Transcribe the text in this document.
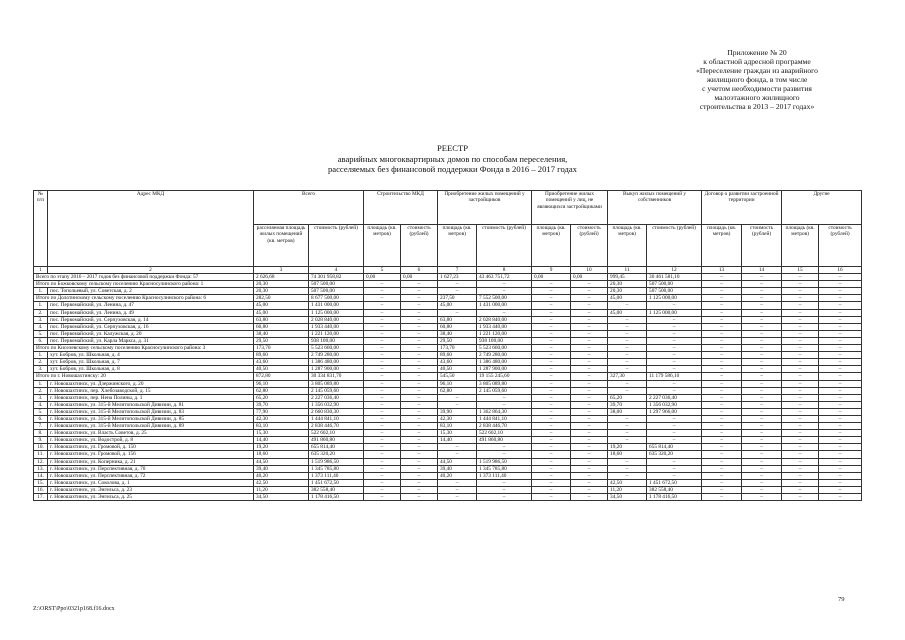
Приложение № 20
к областной адресной программе
«Переселение граждан из аварийного
жилищного фонда, в том числе
с учетом необходимости развития
малоэтажного жилищного
строительства в 2013 – 2017 годах»
РЕЕСТР
аварийных многоквартирных домов по способам переселения,
расселяемых без финансовой поддержки Фонда в 2016 – 2017 годах
№ п/п	Адрес МКД	Всего		Строительство МКД		Приобретение жилых помещений у застройщиков		Приобретение жилых помещений у лиц, не являющихся застройщиками		Выкуп жилых помещений у собственников		Договор о развитии застроенной территории		Другие	
		расселяемая площадь жилых помещений (кв. метров)	стоимость (рублей)	площадь (кв. метров)	стоимость (рублей)	площадь (кв. метров)	стоимость (рублей)	площадь (кв. метров)	стоимость (рублей)	площадь (кв. метров)	стоимость (рублей)	площадь (кв. метров)	стоимость (рублей)	площадь (кв. метров)	стоимость (рублей)
1	2	3	4	5	6	7	8	9	10	11	12	13	14	15	16
Всего по этапу 2016 – 2017 годов без финансовой поддержки Фонда: 57		2 626,68	74 301 958,82	0,00	0,00	1 627,23	43 463 751,72	0,00	0,00	999,45	30 461 581,10	–	–	–	–
Итого по Божковскому сельскому поселению Красносулинского района: 1		20,30	507 500,00	–	–	–	–	–	–	20,30	507 500,00	–	–	–	–
1.	пос. Топольевый, ул. Советская, д. 2	20,30	507 500,00	–	–	–	–	–	–	20,30	507 500,00	–	–	–	–
Итого по Долотинскому сельскому поселению Красносулинского района: 6		282,50	8 677 500,00	–	–	237,50	7 552 500,00	–	–	45,00	1 125 000,00	–	–	–	–
1.	пос. Первомайский, ул. Ленина, д. 47	45,00	1 431 000,00	–	–	45,00	1 431 000,00	–	–	–	–	–	–	–	–
2.	пос. Первомайский, ул. Ленина, д. 49	45,00	1 125 000,00	–	–	–	–	–	–	45,00	1 125 000,00	–	–	–	–
3.	пос. Первомайский, ул. Серпуховская, д. 14	63,80	2 028 840,00	–	–	63,80	2 028 840,00	–	–	–	–	–	–	–	–
4.	пос. Первомайский, ул. Серпуховская, д. 16	60,80	1 933 440,00	–	–	60,80	1 933 440,00	–	–	–	–	–	–	–	–
5.	пос. Первомайский, ул. Калужская, д. 20	38,40	1 221 120,00	–	–	38,40	1 221 120,00	–	–	–	–	–	–	–	–
6.	пос. Первомайский, ул. Карла Маркса, д. 31	29,50	938 100,00	–	–	29,50	938 100,00	–	–	–	–	–	–	–	–
Итого по Киселевскому сельскому поселению Красносулинского района: 3		173,70	5 523 660,00	–	–	173,70	5 523 660,00	–	–	–	–	–	–	–	–
1.	хут. Бобров, ул. Школьная, д. 4	89,60	2 749 280,00	–	–	89,60	2 749 280,00	–	–	–	–	–	–	–	–
2.	хут. Бобров, ул. Школьная, д. 7	43,60	1 386 480,00	–	–	43,60	1 386 480,00	–	–	–	–	–	–	–	–
3.	хут. Бобров, ул. Школьная, д. 8	40,50	1 287 900,00	–	–	40,50	1 287 900,00	–	–	–	–	–	–	–	–
Итого по г. Новошахтинску: 20		872,80	30 334 831,70	–	–	545,50	19 155 245,60	–	–	327,30	11 179 586,10	–	–	–	–
1.	г. Новошахтинск, ул. Дзержинского, д. 20	96,10	3 805 089,80	–	–	96,10	3 805 089,80	–	–	–	–	–	–	–	–
2.	г. Новошахтинск, пер. Хлебозаводской, д. 15	62,80	2 145 059,60	–	–	62,80	2 145 059,60	–	–	–	–	–	–	–	–
3.	г. Новошахтинск, пер. Heнa Полины, д. 1	65,20	2 227 036,40	–	–	–	–	–	–	65,20	2 227 036,40	–	–	–	–
4.	г. Новошахтинск, ул. 315-й Мелитопольской Дивизии, д. 81	39,70	1 356 032,90	–	–	–	–	–	–	39,70	1 356 032,90	–	–	–	–
5.	г. Новошахтинск, ул. 315-й Мелитопольской Дивизии, д. 83	77,90	2 660 830,30	–	–	39,90	1 362 864,30	–	–	38,00	1 297 966,00	–	–	–	–
6.	г. Новошахтинск, ул. 315-й Мелитопольской Дивизии, д. 85	42,30	1 444 841,10	–	–	42,30	1 444 841,10	–	–	–	–	–	–	–	–
7.	г. Новошахтинск, ул. 315-й Мелитопольской Дивизии, д. 89	83,10	2 838 446,70	–	–	83,10	2 838 446,70	–	–	–	–	–	–	–	–
8.	г. Новошахтинск, ул. Власть Советов, д. 25	15,30	522 602,10	–	–	15,30	522 602,10	–	–	–	–	–	–	–	–
9.	г. Новошахтинск, ул. Водострой, д. 8	14,40	491 860,80	–	–	14,40	491 860,80	–	–	–	–	–	–	–	–
10.	г. Новошахтинск, ул. Громовой, д. 150	19,20	655 814,40	–	–	–	–	–	–	19,20	655 814,40	–	–	–	–
11.	г. Новошахтинск, ул. Громовой, д. 156	18,60	635 320,20	–	–	–	–	–	–	18,60	635 320,20	–	–	–	–
12.	г. Новошахтинск, ул. Коперника, д. 21	44,50	1 519 986,50	–	–	44,50	1 519 986,50	–	–	–	–	–	–	–	–
13.	г. Новошахтинск, ул. Перспективная, д. 70	39,40	1 345 785,80	–	–	39,40	1 345 785,80	–	–	–	–	–	–	–	–
14.	г. Новошахтинск, ул. Перспективная, д. 72	40,20	1 373 111,40	–	–	40,20	1 373 111,40	–	–	–	–	–	–	–	–
15.	г. Новошахтинск, ул. Соколова, д. 1	42,50	1 451 672,50	–	–	–	–	–	–	42,50	1 451 672,50	–	–	–	–
16.	г. Новошахтинск, ул. Энгельса, д. 23	11,20	382 558,40	–	–	–	–	–	–	11,20	382 558,40	–	–	–	–
17.	г. Новошахтинск, ул. Энгельса, д. 25	34,50	1 178 416,50	–	–	–	–	–	–	34,50	1 178 416,50	–	–	–	–
79
Z:\ORST\Ppo\0321p168.f16.docx
